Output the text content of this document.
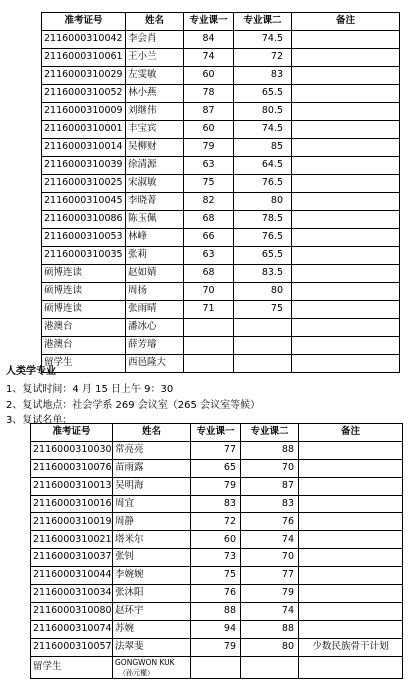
准考证号	姓名	专业课一	专业课二	备注
2116000310042	李会肖	84	74.5	
2116000310061	王小兰	74	72	
2116000310029	左雯敏	60	83	
2116000310052	林小燕	78	65.5	
2116000310009	刘继伟	87	80.5	
2116000310001	丰宝宾	60	74.5	
2116000310014	吴柳财	79	85	
2116000310039	徐清源	63	64.5	
2116000310025	宋淑敏	75	76.5	
2116000310045	李晓菁	82	80	
2116000310086	陈玉佩	68	78.5	
2116000310053	林峰	66	76.5	
2116000310035	张莉	63	65.5	
硕博连读	赵如婧	68	83.5	
硕博连读	周扬	70	80	
硕博连读	张雨晴	71	75	
港澳台	潘冰心			
港澳台	薛芳璿			
留学生	西邑隆大			
人类学专业
1、复试时间：4 月 15 日上午 9：30
2、复试地点：社会学系 269 会议室（265 会议室等候）
3、复试名单：
准考证号	姓名	专业课一	专业课二	备注
2116000310030	常亮亮	77	88	
2116000310076	苗雨露	65	70	
2116000310013	吴明海	79	87	
2116000310016	周宜	83	83	
2116000310019	周静	72	76	
2116000310021	塔米尔	60	74	
2116000310037	张钊	73	70	
2116000310044	李婉婉	75	77	
2116000310034	张沐阳	76	79	
2116000310080	赵环宇	88	74	
2116000310074	苏婉	94	88	
2116000310057	法翠斐	79	80	少数民族骨干计划
留学生	GONGWON KUK
（孙元權）			
